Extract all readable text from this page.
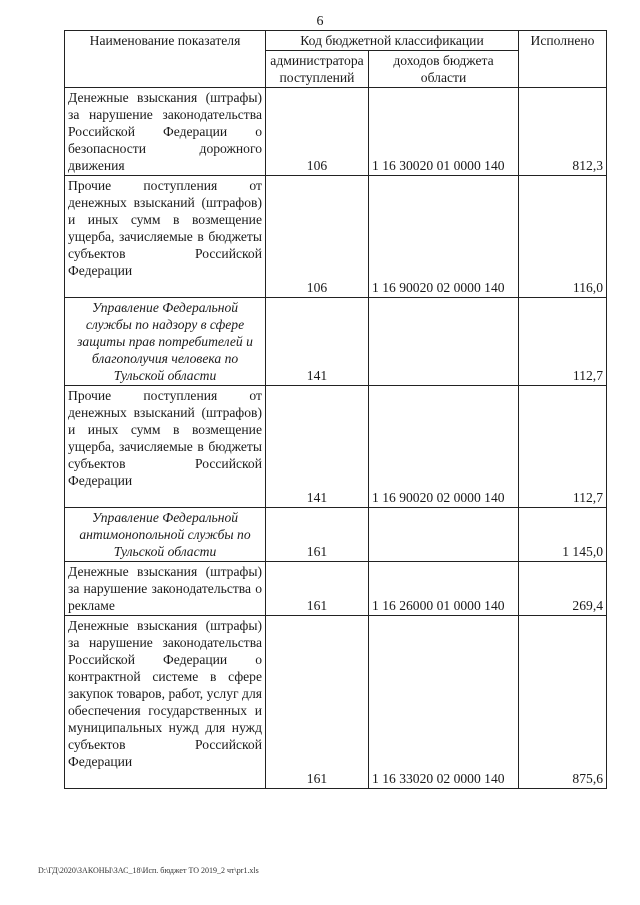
6
Наименование показателя	Код бюджетной классификации		Исполнено
	администратора поступлений	доходов бюджета области	
Денежные взыскания (штрафы) за нарушение законодательства Российской Федерации о безопасности дорожного движения	106	1 16 30020 01 0000 140	812,3
Прочие поступления от денежных взысканий (штрафов) и иных сумм в возмещение ущерба, зачисляемые в бюджеты субъектов Российской Федерации	106	1 16 90020 02 0000 140	116,0
Управление Федеральной службы по надзору в сфере защиты прав потребителей и благополучия человека по Тульской области	141		112,7
Прочие поступления от денежных взысканий (штрафов) и иных сумм в возмещение ущерба, зачисляемые в бюджеты субъектов Российской Федерации	141	1 16 90020 02 0000 140	112,7
Управление Федеральной антимонопольной службы по Тульской области	161		1 145,0
Денежные взыскания (штрафы) за нарушение законодательства о рекламе	161	1 16 26000 01 0000 140	269,4
Денежные взыскания (штрафы) за нарушение законодательства Российской Федерации о контрактной системе в сфере закупок товаров, работ, услуг для обеспечения государственных и муниципальных нужд для нужд субъектов Российской Федерации	161	1 16 33020 02 0000 140	875,6
D:\ГД\2020\ЗАКОНЫ\ЗАС_18\Исп. бюджет ТО 2019_2 чт\pr1.xls
